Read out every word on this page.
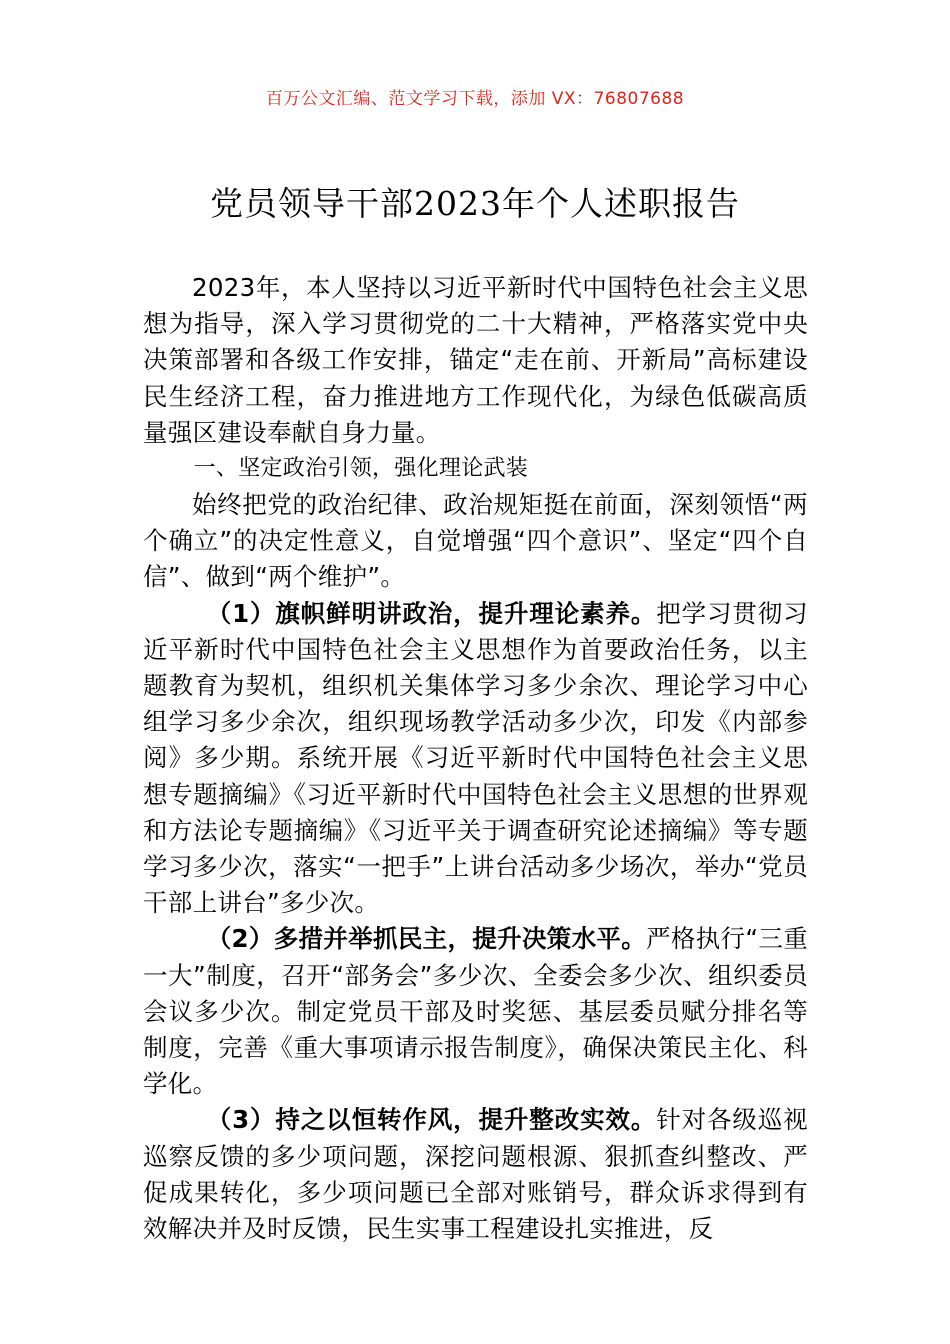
百万公文汇编、范文学习下载，添加 VX：76807688
党员领导干部2023年个人述职报告

2023年，本人坚持以习近平新时代中国特色社会主义思想为指导，深入学习贯彻党的二十大精神，严格落实党中央决策部署和各级工作安排，锚定“走在前、开新局”高标建设民生经济工程，奋力推进地方工作现代化，为绿色低碳高质量强区建设奉献自身力量。

一、坚定政治引领，强化理论武装

始终把党的政治纪律、政治规矩挺在前面，深刻领悟“两个确立”的决定性意义，自觉增强“四个意识”、坚定“四个自信”、做到“两个维护”。

（1）旗帜鲜明讲政治，提升理论素养。把学习贯彻习近平新时代中国特色社会主义思想作为首要政治任务，以主题教育为契机，组织机关集体学习多少余次、理论学习中心组学习多少余次，组织现场教学活动多少次，印发《内部参阅》多少期。系统开展《习近平新时代中国特色社会主义思想专题摘编》《习近平新时代中国特色社会主义思想的世界观和方法论专题摘编》《习近平关于调查研究论述摘编》等专题学习多少次，落实“一把手”上讲台活动多少场次，举办“党员干部上讲台”多少次。

（2）多措并举抓民主，提升决策水平。严格执行“三重一大”制度，召开“部务会”多少次、全委会多少次、组织委员会议多少次。制定党员干部及时奖惩、基层委员赋分排名等制度，完善《重大事项请示报告制度》，确保决策民主化、科学化。

（3）持之以恒转作风，提升整改实效。针对各级巡视巡察反馈的多少项问题，深挖问题根源、狠抓查纠整改、严促成果转化，多少项问题已全部对账销号，群众诉求得到有效解决并及时反馈，民生实事工程建设扎实推进，反
